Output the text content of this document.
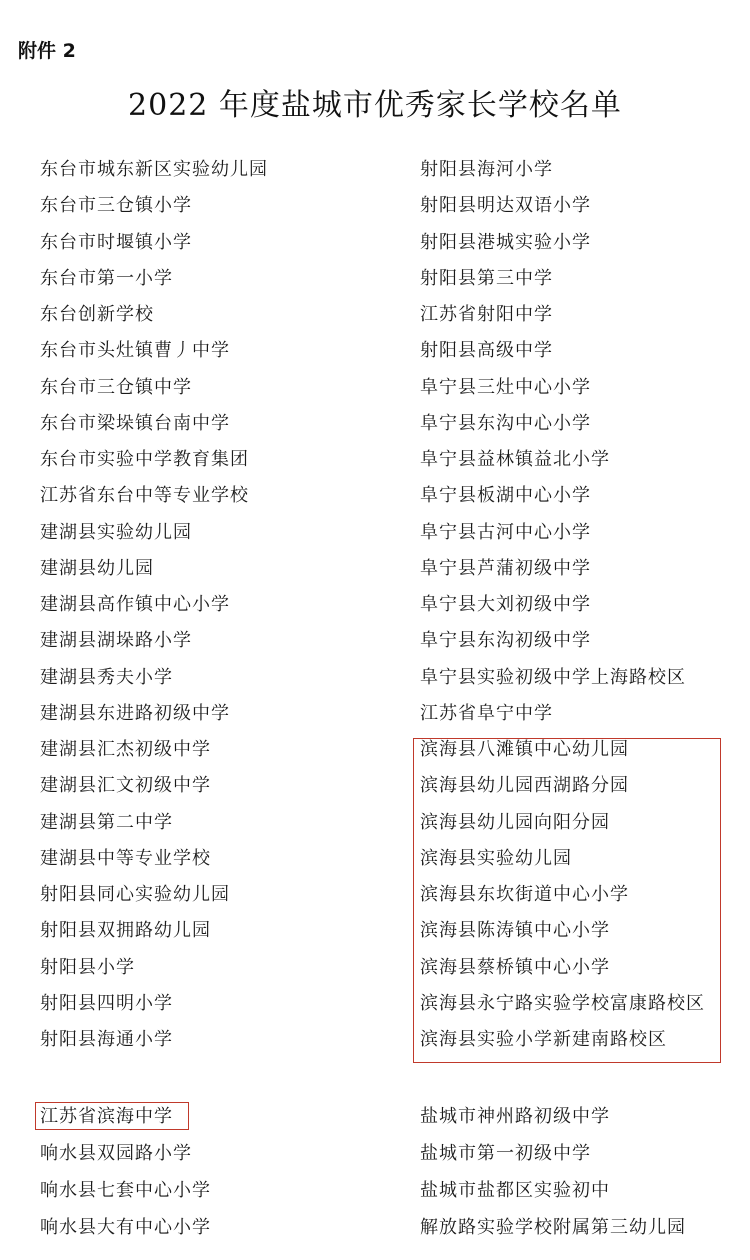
附件 2
2022 年度盐城市优秀家长学校名单
东台市城东新区实验幼儿园
东台市三仓镇小学
东台市时堰镇小学
东台市第一小学
东台创新学校
东台市头灶镇曹丿中学
东台市三仓镇中学
东台市梁垛镇台南中学
东台市实验中学教育集团
江苏省东台中等专业学校
建湖县实验幼儿园
建湖县幼儿园
建湖县高作镇中心小学
建湖县湖垛路小学
建湖县秀夫小学
建湖县东进路初级中学
建湖县汇杰初级中学
建湖县汇文初级中学
建湖县第二中学
建湖县中等专业学校
射阳县同心实验幼儿园
射阳县双拥路幼儿园
射阳县小学
射阳县四明小学
射阳县海通小学
射阳县海河小学
射阳县明达双语小学
射阳县港城实验小学
射阳县第三中学
江苏省射阳中学
射阳县高级中学
阜宁县三灶中心小学
阜宁县东沟中心小学
阜宁县益林镇益北小学
阜宁县板湖中心小学
阜宁县古河中心小学
阜宁县芦蒲初级中学
阜宁县大刘初级中学
阜宁县东沟初级中学
阜宁县实验初级中学上海路校区
江苏省阜宁中学
滨海县八滩镇中心幼儿园
滨海县幼儿园西湖路分园
滨海县幼儿园向阳分园
滨海县实验幼儿园
滨海县东坎街道中心小学
滨海县陈涛镇中心小学
滨海县蔡桥镇中心小学
滨海县永宁路实验学校富康路校区
滨海县实验小学新建南路校区
江苏省滨海中学
响水县双园路小学
响水县七套中心小学
响水县大有中心小学
盐城市神州路初级中学
盐城市第一初级中学
盐城市盐都区实验初中
解放路实验学校附属第三幼儿园
